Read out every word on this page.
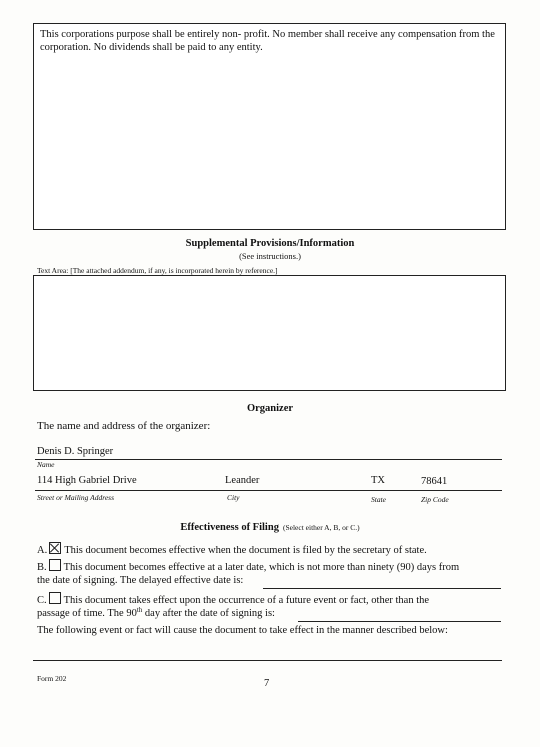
This corporations purpose shall be entirely non- profit. No member shall receive any compensation from the corporation. No dividends shall be paid to any entity.
Supplemental Provisions/Information
(See instructions.)
Text Area: [The attached addendum, if any, is incorporated herein by reference.]
Organizer
The name and address of the organizer:
Denis D. Springer
Name
114 High Gabriel Drive	Leander	TX	78641
Street or Mailing Address	City	State	Zip Code
Effectiveness of Filing (Select either A, B, or C.)
A. This document becomes effective when the document is filed by the secretary of state.
B. This document becomes effective at a later date, which is not more than ninety (90) days from
the date of signing. The delayed effective date is:
C. This document takes effect upon the occurrence of a future event or fact, other than the
passage of time. The 90th day after the date of signing is:
The following event or fact will cause the document to take effect in the manner described below:
Form 202	7
